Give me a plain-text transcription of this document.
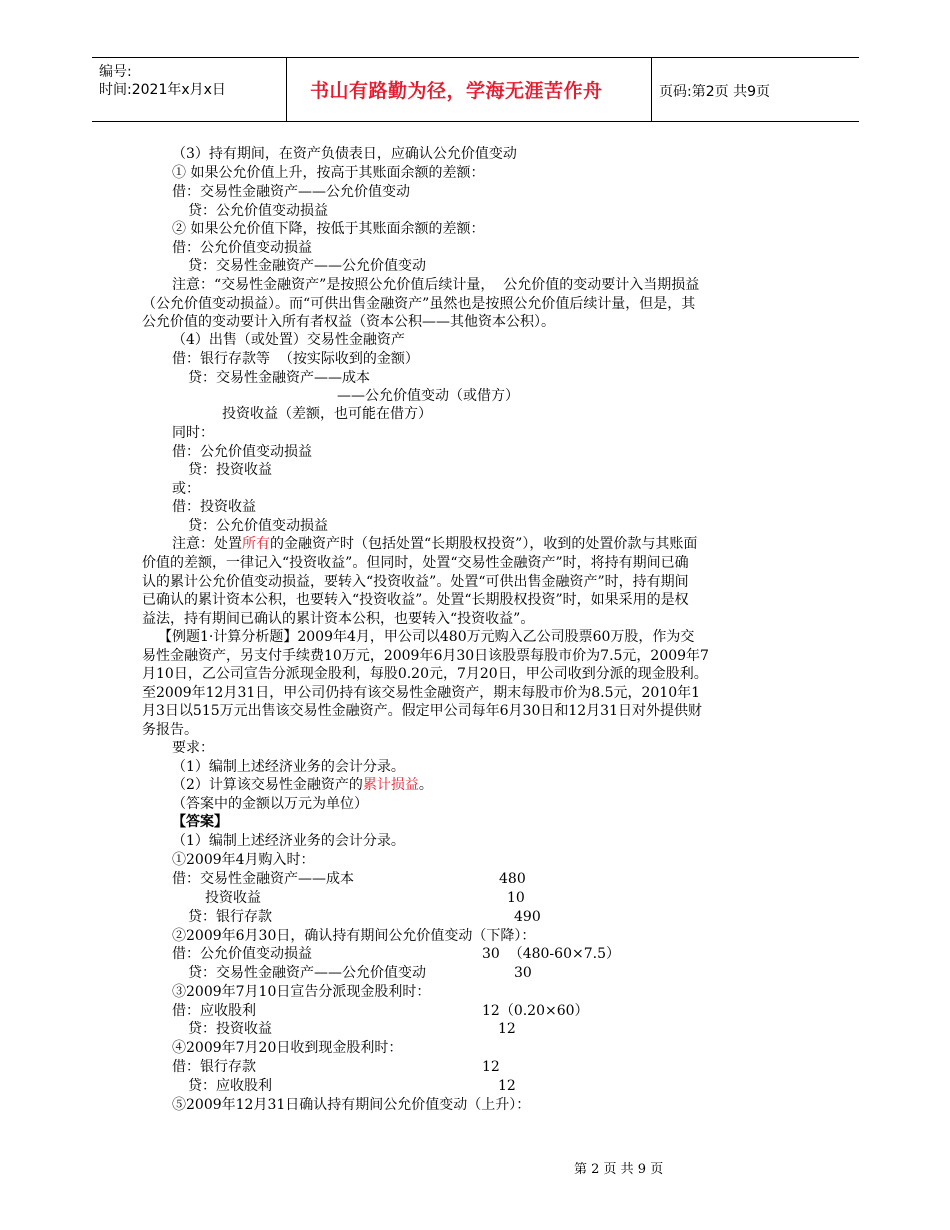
编号:
时间:2021年x月x日	书山有路勤为径，学海无涯苦作舟	页码:第2页 共9页
（3）持有期间，在资产负债表日，应确认公允价值变动
① 如果公允价值上升，按高于其账面余额的差额：
借：交易性金融资产——公允价值变动
贷：公允价值变动损益
② 如果公允价值下降，按低于其账面余额的差额：
借：公允价值变动损益
贷：交易性金融资产——公允价值变动
注意：“交易性金融资产”是按照公允价值后续计量，  公允价值的变动要计入当期损益
（公允价值变动损益）。而“可供出售金融资产”虽然也是按照公允价值后续计量，但是，其
公允价值的变动要计入所有者权益（资本公积——其他资本公积）。
（4）出售（或处置）交易性金融资产
借：银行存款等  （按实际收到的金额）
贷：交易性金融资产——成本
——公允价值变动（或借方）
投资收益（差额，也可能在借方）
同时：
借：公允价值变动损益
贷：投资收益
或：
借：投资收益
贷：公允价值变动损益
注意：处置所有的金融资产时（包括处置“长期股权投资”），收到的处置价款与其账面
价值的差额，一律记入“投资收益”。但同时，处置“交易性金融资产”时，将持有期间已确
认的累计公允价值变动损益，要转入“投资收益”。处置“可供出售金融资产”时，持有期间
已确认的累计资本公积，也要转入“投资收益”。处置“长期股权投资”时，如果采用的是权
益法，持有期间已确认的累计资本公积，也要转入“投资收益”。
【例题1·计算分析题】2009年4月，甲公司以480万元购入乙公司股票60万股，作为交
易性金融资产，另支付手续费10万元，2009年6月30日该股票每股市价为7.5元，2009年7
月10日，乙公司宣告分派现金股利，每股0.20元，7月20日，甲公司收到分派的现金股利。
至2009年12月31日，甲公司仍持有该交易性金融资产，期末每股市价为8.5元，2010年1
月3日以515万元出售该交易性金融资产。假定甲公司每年6月30日和12月31日对外提供财
务报告。
要求：
（1）编制上述经济业务的会计分录。
（2）计算该交易性金融资产的累计损益。
（答案中的金额以万元为单位）
【答案】
（1）编制上述经济业务的会计分录。
①2009年4月购入时：
借：交易性金融资产——成本
投资收益
贷：银行存款
②2009年6月30日，确认持有期间公允价值变动（下降）：
借：公允价值变动损益
贷：交易性金融资产——公允价值变动
③2009年7月10日宣告分派现金股利时：
借：应收股利
贷：投资收益
④2009年7月20日收到现金股利时：
借：银行存款
贷：应收股利
⑤2009年12月31日确认持有期间公允价值变动（上升）：
480
10
490
30  （480-60×7.5）
30
12（0.20×60）
12
12
12
第 2 页 共 9 页
